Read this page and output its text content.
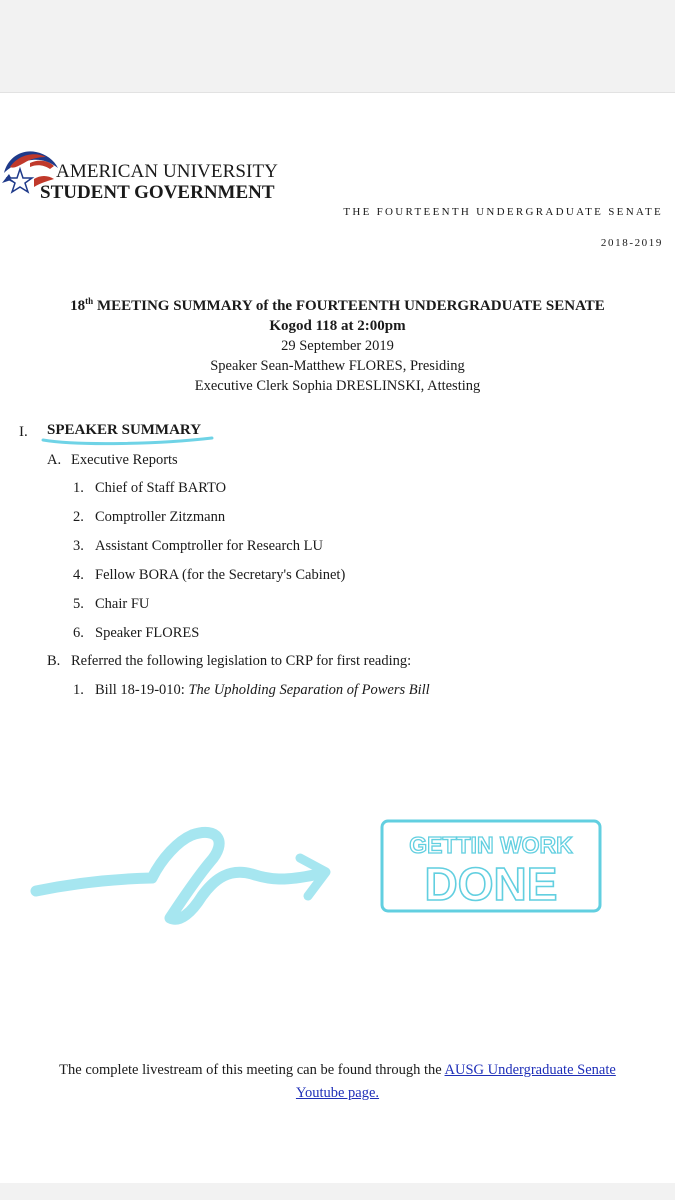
AMERICAN UNIVERSITY
STUDENT GOVERNMENT
THE FOURTEENTH UNDERGRADUATE SENATE
2018-2019
18th MEETING SUMMARY of the FOURTEENTH UNDERGRADUATE SENATE
Kogod 118 at 2:00pm
29 September 2019
Speaker Sean-Matthew FLORES, Presiding
Executive Clerk Sophia DRESLINSKI, Attesting
I. SPEAKER SUMMARY
A. Executive Reports
1. Chief of Staff BARTO
2. Comptroller Zitzmann
3. Assistant Comptroller for Research LU
4. Fellow BORA (for the Secretary's Cabinet)
5. Chair FU
6. Speaker FLORES
B. Referred the following legislation to CRP for first reading:
1. Bill 18-19-010: The Upholding Separation of Powers Bill
GETTIN WORK
DONE
The complete livestream of this meeting can be found through the AUSG Undergraduate Senate
Youtube page.
